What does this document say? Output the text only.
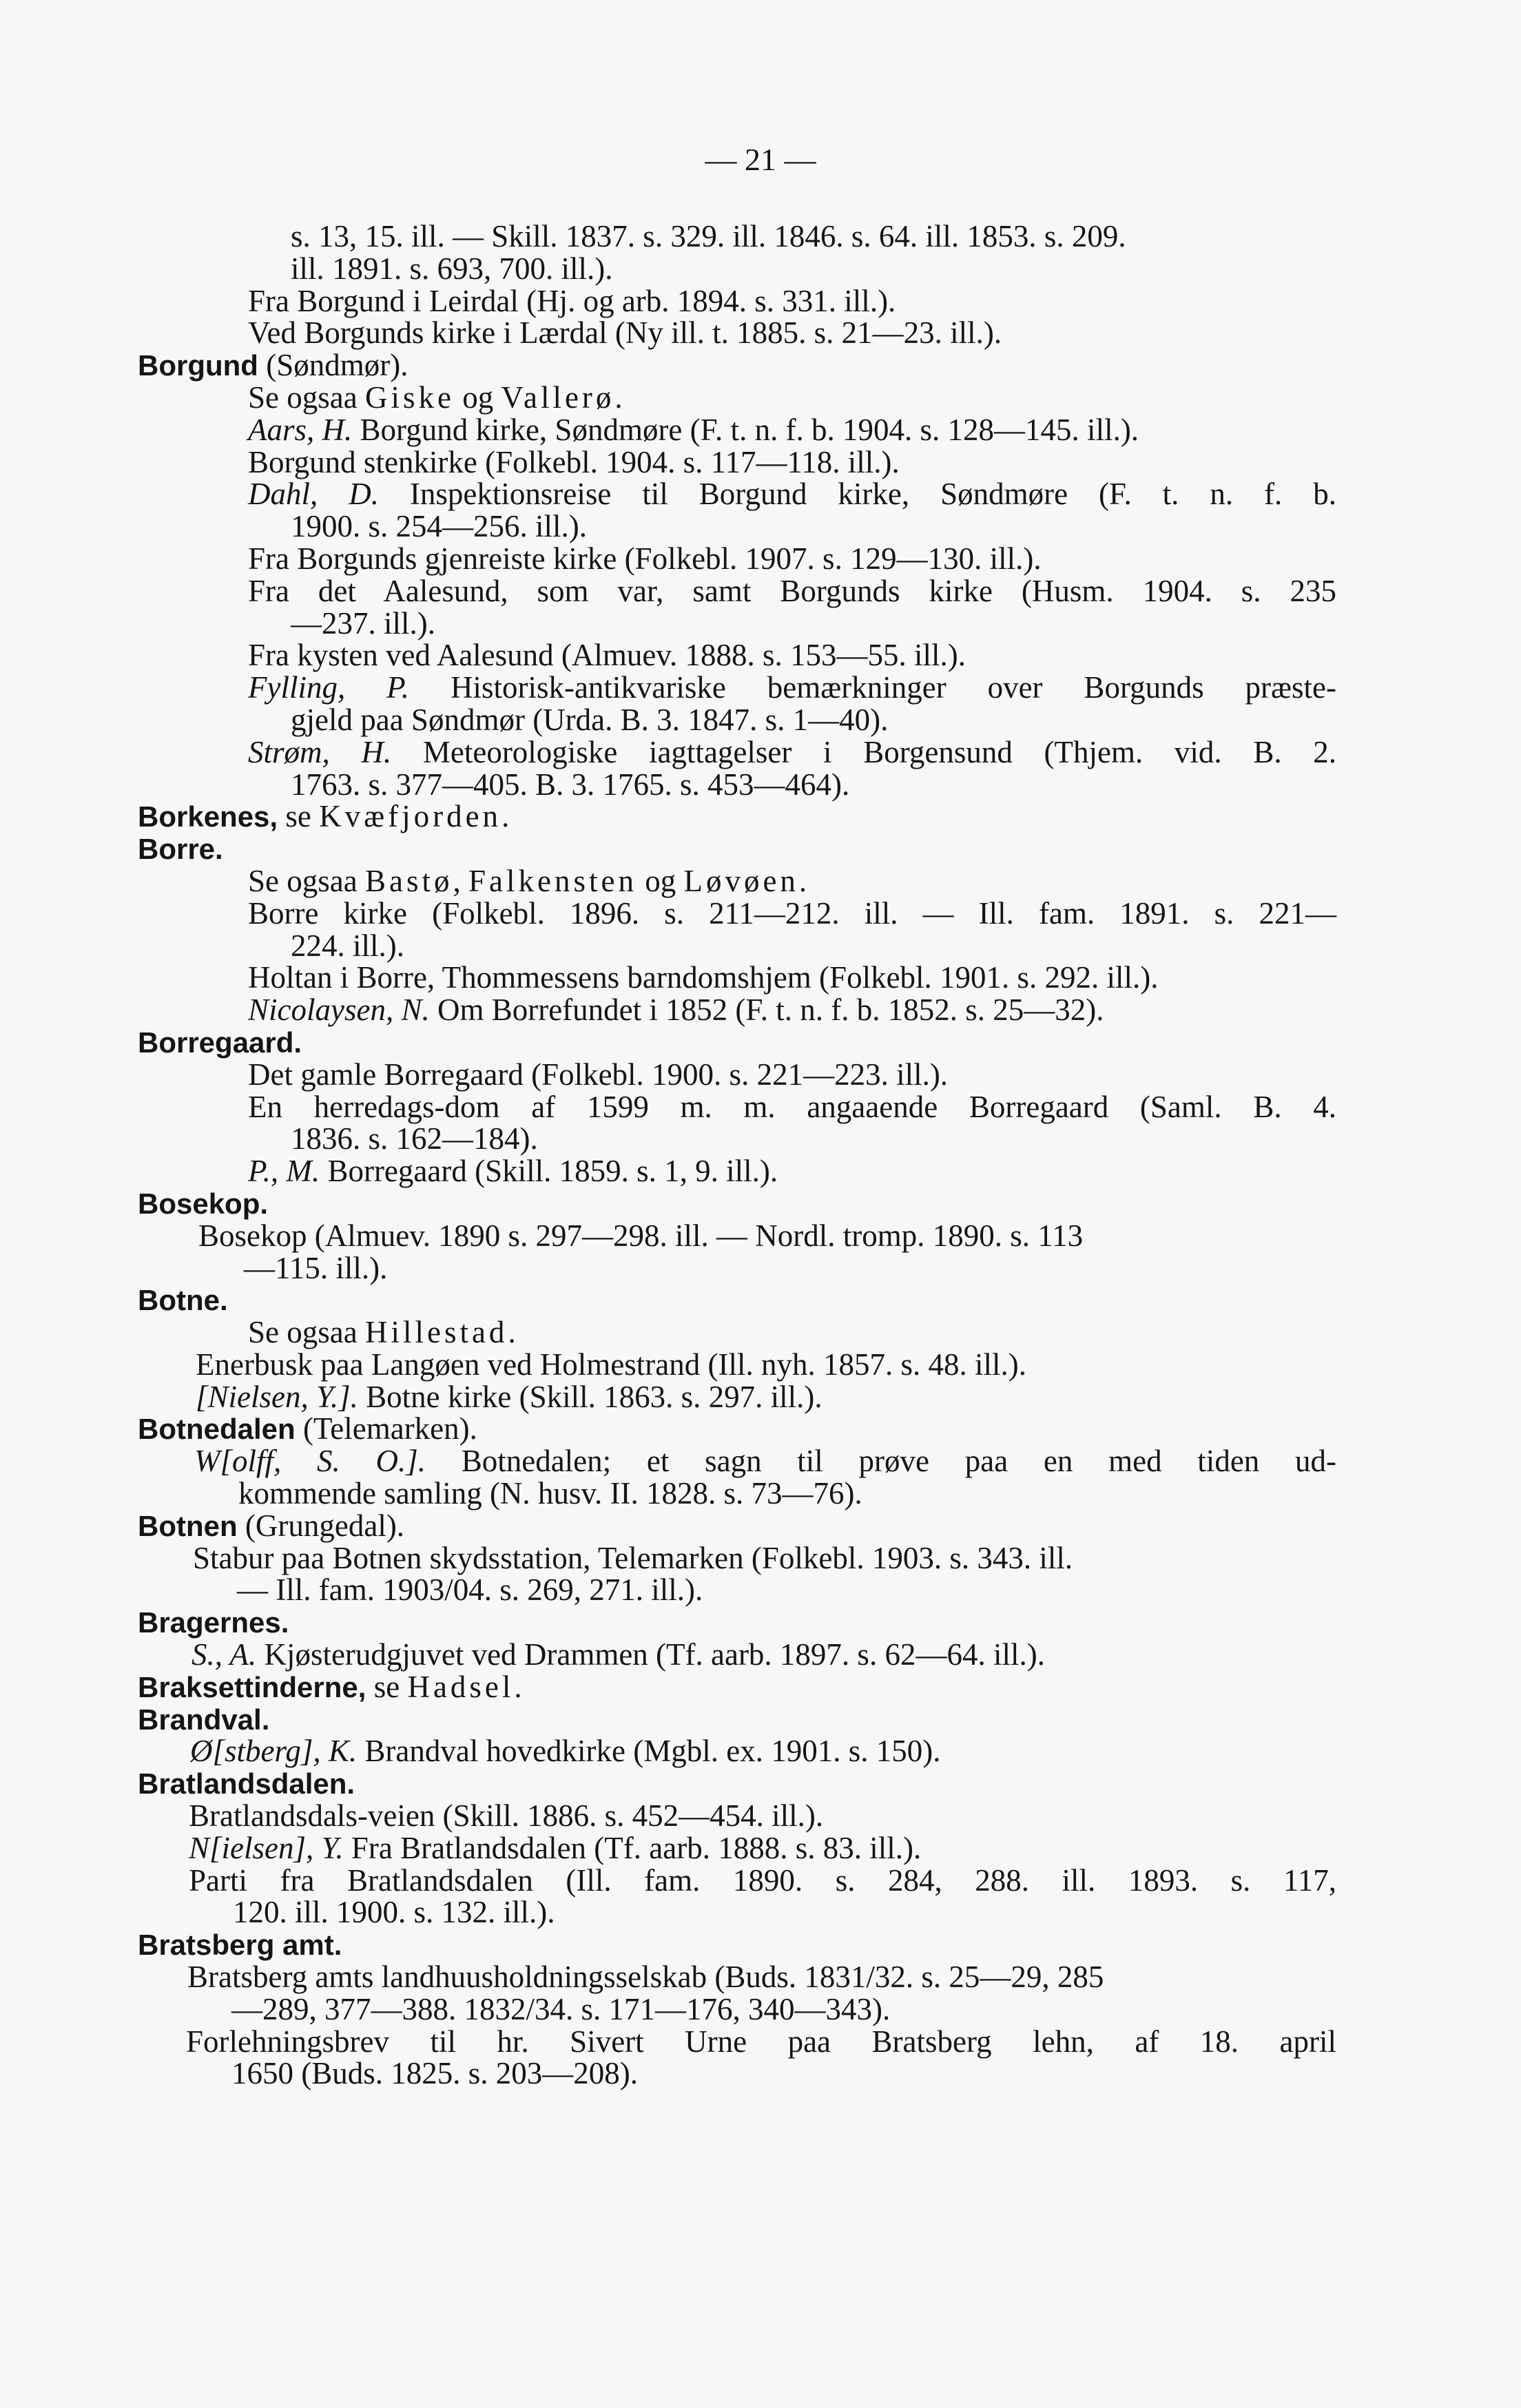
— 21 —
s. 13, 15. ill. — Skill. 1837. s. 329. ill. 1846. s. 64. ill. 1853. s. 209.
ill. 1891. s. 693, 700. ill.).
Fra Borgund i Leirdal (Hj. og arb. 1894. s. 331. ill.).
Ved Borgunds kirke i Lærdal (Ny ill. t. 1885. s. 21—23. ill.).
Borgund (Søndmør).
Se ogsaa Giske og Vallerø.
Aars, H. Borgund kirke, Søndmøre (F. t. n. f. b. 1904. s. 128—145. ill.).
Borgund stenkirke (Folkebl. 1904. s. 117—118. ill.).
Dahl, D. Inspektionsreise til Borgund kirke, Søndmøre (F. t. n. f. b.
1900. s. 254—256. ill.).
Fra Borgunds gjenreiste kirke (Folkebl. 1907. s. 129—130. ill.).
Fra det Aalesund, som var, samt Borgunds kirke (Husm. 1904. s. 235
—237. ill.).
Fra kysten ved Aalesund (Almuev. 1888. s. 153—55. ill.).
Fylling, P. Historisk-antikvariske bemærkninger over Borgunds præste-
gjeld paa Søndmør (Urda. B. 3. 1847. s. 1—40).
Strøm, H. Meteorologiske iagttagelser i Borgensund (Thjem. vid. B. 2.
1763. s. 377—405. B. 3. 1765. s. 453—464).
Borkenes, se Kvæfjorden.
Borre.
Se ogsaa Bastø, Falkensten og Løvøen.
Borre kirke (Folkebl. 1896. s. 211—212. ill. — Ill. fam. 1891. s. 221—
224. ill.).
Holtan i Borre, Thommessens barndomshjem (Folkebl. 1901. s. 292. ill.).
Nicolaysen, N. Om Borrefundet i 1852 (F. t. n. f. b. 1852. s. 25—32).
Borregaard.
Det gamle Borregaard (Folkebl. 1900. s. 221—223. ill.).
En herredags-dom af 1599 m. m. angaaende Borregaard (Saml. B. 4.
1836. s. 162—184).
P., M. Borregaard (Skill. 1859. s. 1, 9. ill.).
Bosekop.
Bosekop (Almuev. 1890 s. 297—298. ill. — Nordl. tromp. 1890. s. 113
—115. ill.).
Botne.
Se ogsaa Hillestad.
Enerbusk paa Langøen ved Holmestrand (Ill. nyh. 1857. s. 48. ill.).
[Nielsen, Y.]. Botne kirke (Skill. 1863. s. 297. ill.).
Botnedalen (Telemarken).
W[olff, S. O.]. Botnedalen; et sagn til prøve paa en med tiden ud-
kommende samling (N. husv. II. 1828. s. 73—76).
Botnen (Grungedal).
Stabur paa Botnen skydsstation, Telemarken (Folkebl. 1903. s. 343. ill.
— Ill. fam. 1903/04. s. 269, 271. ill.).
Bragernes.
S., A. Kjøsterudgjuvet ved Drammen (Tf. aarb. 1897. s. 62—64. ill.).
Braksettinderne, se Hadsel.
Brandval.
Ø[stberg], K. Brandval hovedkirke (Mgbl. ex. 1901. s. 150).
Bratlandsdalen.
Bratlandsdals-veien (Skill. 1886. s. 452—454. ill.).
N[ielsen], Y. Fra Bratlandsdalen (Tf. aarb. 1888. s. 83. ill.).
Parti fra Bratlandsdalen (Ill. fam. 1890. s. 284, 288. ill. 1893. s. 117,
120. ill. 1900. s. 132. ill.).
Bratsberg amt.
Bratsberg amts landhuusholdningsselskab (Buds. 1831/32. s. 25—29, 285
—289, 377—388. 1832/34. s. 171—176, 340—343).
Forlehningsbrev til hr. Sivert Urne paa Bratsberg lehn, af 18. april
1650 (Buds. 1825. s. 203—208).
